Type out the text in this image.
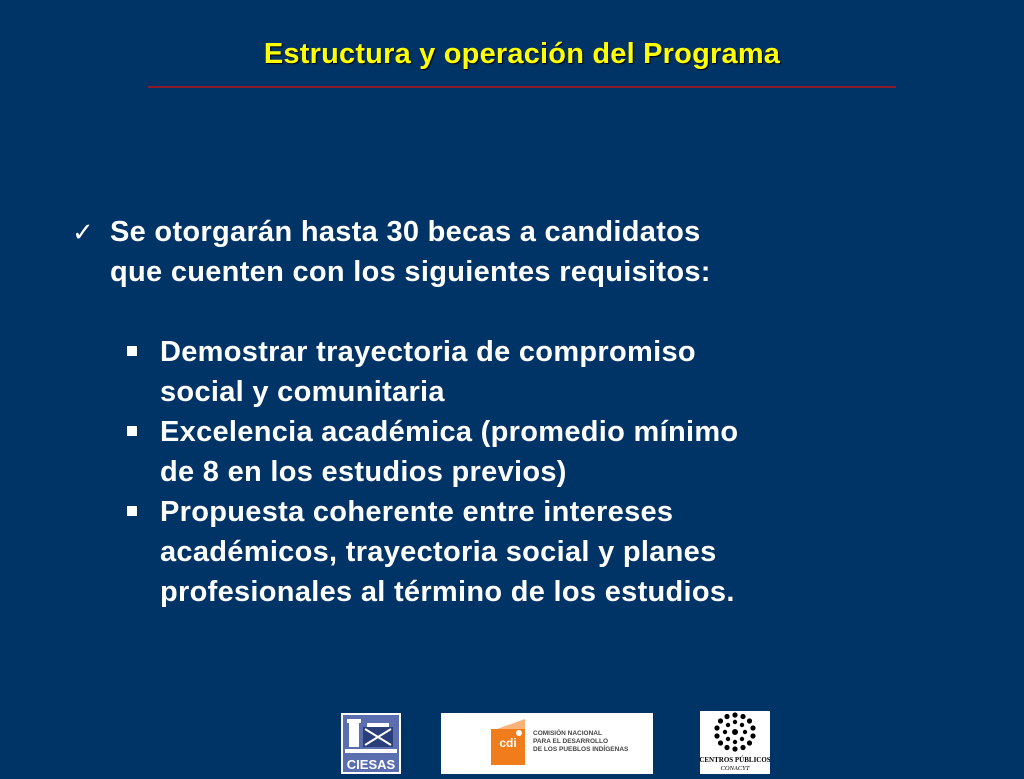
Estructura y operación del Programa
✓ Se otorgarán hasta 30 becas a candidatos
que cuenten con los siguientes requisitos:
Demostrar trayectoria de compromiso
social y comunitaria
Excelencia académica (promedio mínimo
de 8 en los estudios previos)
Propuesta coherente entre intereses
académicos, trayectoria social y planes
profesionales al término de los estudios.
CIESAS
cdi
COMISIÓN NACIONAL
PARA EL DESARROLLO
DE LOS PUEBLOS INDÍGENAS
CENTROS PÚBLICOS
CONACYT
